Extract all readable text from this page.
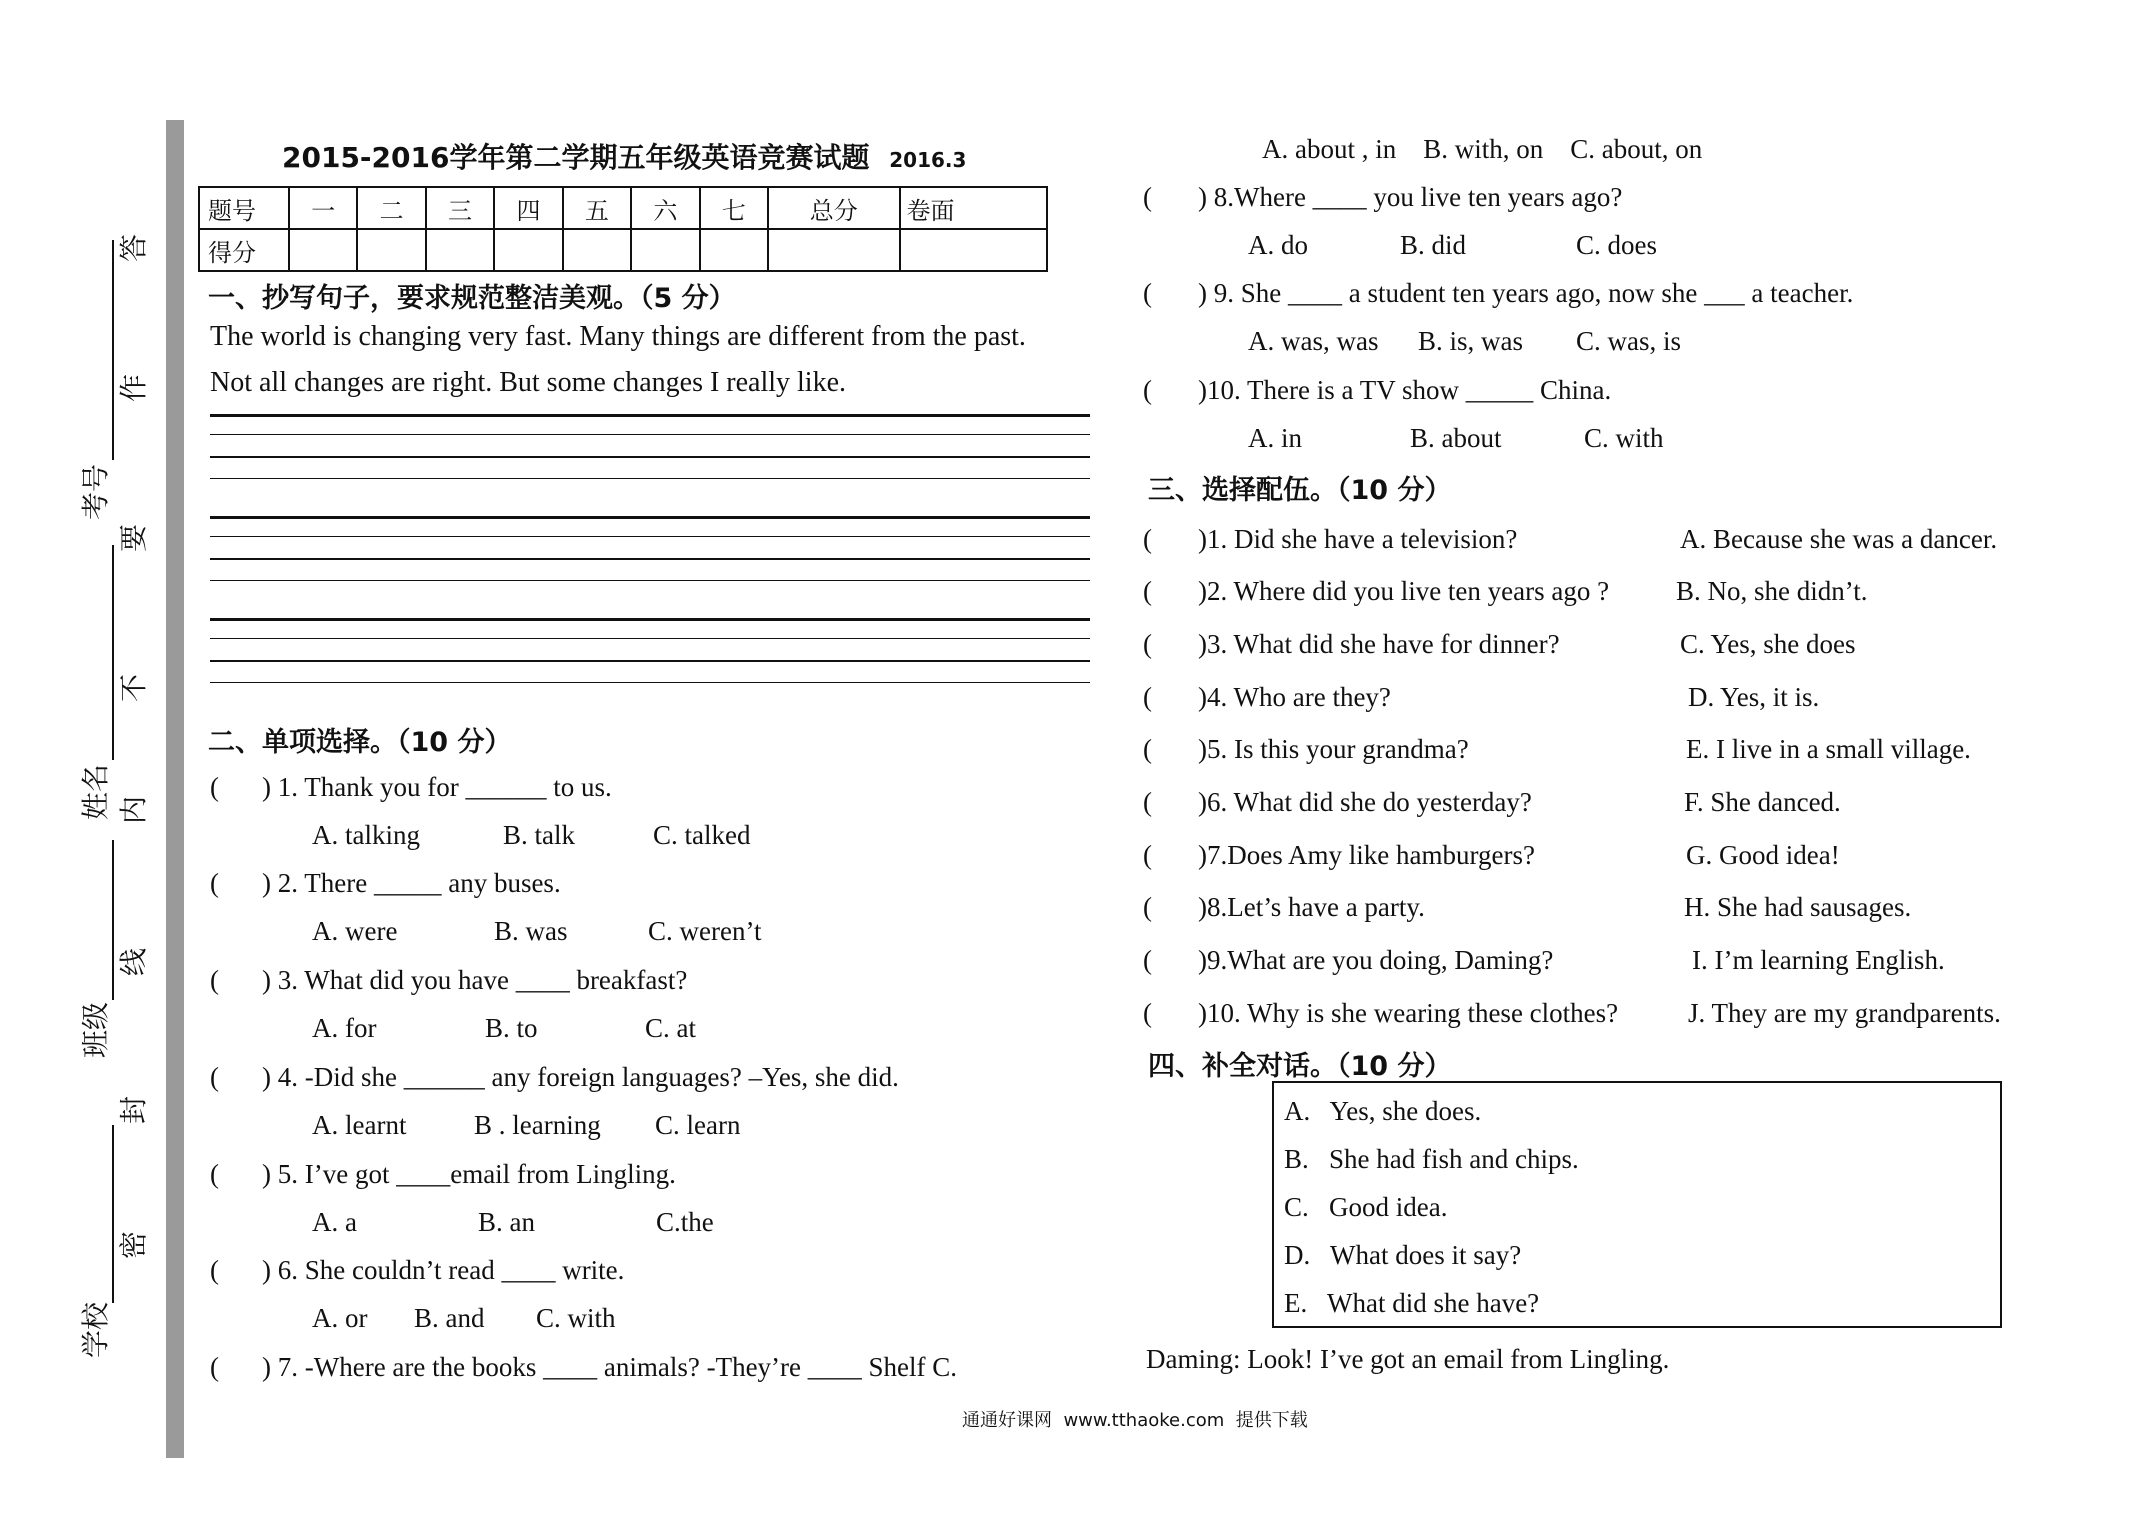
考号
姓名
班级
学校
答
作
要
不
内
线
封
密
2015-2016学年第二学期五年级英语竞赛试题 2016.3
题号	一	二	三	四	五	六	七	总分	卷面
得分									
一、抄写句子，要求规范整洁美观。（5 分）
The world is changing very fast. Many things are different from the past.
Not all changes are right. But some changes I really like.
二、单项选择。（10 分）
( ) 1. Thank you for ______ to us.
A. talking	B. talk	C. talked
( ) 2. There _____ any buses.
A. were	B. was	C. weren’t
( ) 3. What did you have ____ breakfast?
A. for	B. to	C. at
( ) 4. -Did she ______ any foreign languages? –Yes, she did.
A. learnt	B . learning C. learn
( ) 5. I’ve got ____email from Lingling.
A. a	B. an	C.the
( ) 6. She couldn’t read ____ write.
A. or B. and C. with
( ) 7. -Where are the books ____ animals? -They’re ____ Shelf C.
A. about , in    B. with, on    C. about, on
( ) 8.Where ____ you live ten years ago?
A. do	B. did	C. does
( ) 9. She ____ a student ten years ago, now she ___ a teacher.
A. was, was B. is, was C. was, is
( )10. There is a TV show _____ China.
A. in	B. about	C. with
三、选择配伍。（10 分）
( )1. Did she have a television?	A. Because she was a dancer.
( )2. Where did you live ten years ago ? B. No, she didn’t.
( )3. What did she have for dinner?	C. Yes, she does
( )4. Who are they?	D. Yes, it is.
( )5. Is this your grandma?	E. I live in a small village.
( )6. What did she do yesterday?	F. She danced.
( )7.Does Amy like hamburgers?	G. Good idea!
( )8.Let’s have a party.	H. She had sausages.
( )9.What are you doing, Daming?	I. I’m learning English.
( )10. Why is she wearing these clothes?	J. They are my grandparents.
四、补全对话。（10 分）
A.   Yes, she does.
B.   She had fish and chips.
C.   Good idea.
D.   What does it say?
E.   What did she have?
Daming: Look! I’ve got an email from Lingling.
通通好课网  www.tthaoke.com  提供下载
